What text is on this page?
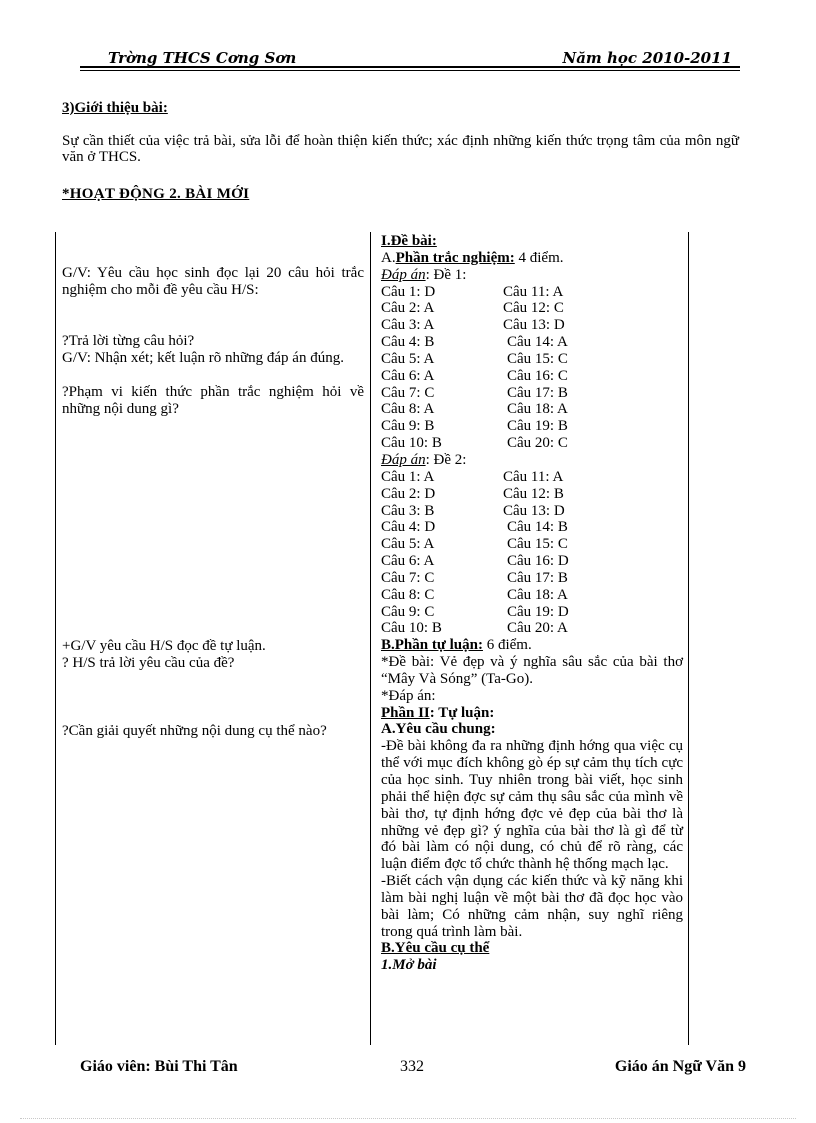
Trờng THCS Cơng Sơn	Năm học 2010-2011
3)Giới thiệu bài:
Sự cần thiết của việc trả bài, sửa lỗi để hoàn thiện kiến thức; xác định những kiến thức trọng tâm của môn ngữ văn ở THCS.
*HOẠT ĐỘNG 2. BÀI MỚI
G/V: Yêu cầu học sinh đọc lại 20 câu hỏi trắc nghiệm cho mỗi đề yêu cầu H/S:
?Trả lời từng câu hỏi?
G/V: Nhận xét; kết luận rõ những đáp án đúng.
?Phạm vi kiến thức phần trắc nghiệm hỏi về những nội dung gì?
+G/V yêu cầu H/S đọc đề tự luận.
? H/S trả lời yêu cầu của đề?
?Cần giải quyết những nội dung cụ thể nào?
I.Đề bài:
A.Phần trắc nghiệm: 4 điểm.
Đáp án: Đề 1:
Câu 1: D	Câu 11: A
Câu 2: A	Câu 12: C
Câu 3: A	Câu 13: D
Câu 4: B	Câu 14: A
Câu 5: A	Câu 15: C
Câu 6: A	Câu 16: C
Câu 7: C	Câu 17: B
Câu 8: A	Câu 18: A
Câu 9: B	Câu 19: B
Câu 10: B	Câu 20: C
Đáp án: Đề 2:
Câu 1: A	Câu 11: A
Câu 2: D	Câu 12: B
Câu 3: B	Câu 13: D
Câu 4: D	Câu 14: B
Câu 5: A	Câu 15: C
Câu 6: A	Câu 16: D
Câu 7: C	Câu 17: B
Câu 8: C	Câu 18: A
Câu 9: C	Câu 19: D
Câu 10: B	Câu 20: A
B.Phần tự luận: 6 điểm.
*Đề bài: Vẻ đẹp và ý nghĩa sâu sắc của bài thơ “Mây Và Sóng” (Ta-Go).
*Đáp án:
Phần II: Tự luận:
A.Yêu cầu chung:
-Đề bài không đa ra những định hớng qua việc cụ thể với mục đích không gò ép sự cảm thụ tích cực của học sinh. Tuy nhiên trong bài viết, học sinh phải thể hiện đợc sự cảm thụ sâu sắc của mình về bài thơ, tự định hớng đợc vẻ đẹp của bài thơ là những vẻ đẹp gì? ý nghĩa của bài thơ là gì để từ đó bài làm có nội dung, có chủ để rõ ràng, các luận điểm đợc tổ chức thành hệ thống mạch lạc.
-Biết cách vận dụng các kiến thức và kỹ năng khi làm bài nghị luận về một bài thơ đã đọc học vào bài làm; Có những cảm nhận, suy nghĩ riêng trong quá trình làm bài.
B.Yêu cầu cụ thể
1.Mở bài
Giáo viên: Bùi Thi Tân	332	Giáo án Ngữ Văn 9
